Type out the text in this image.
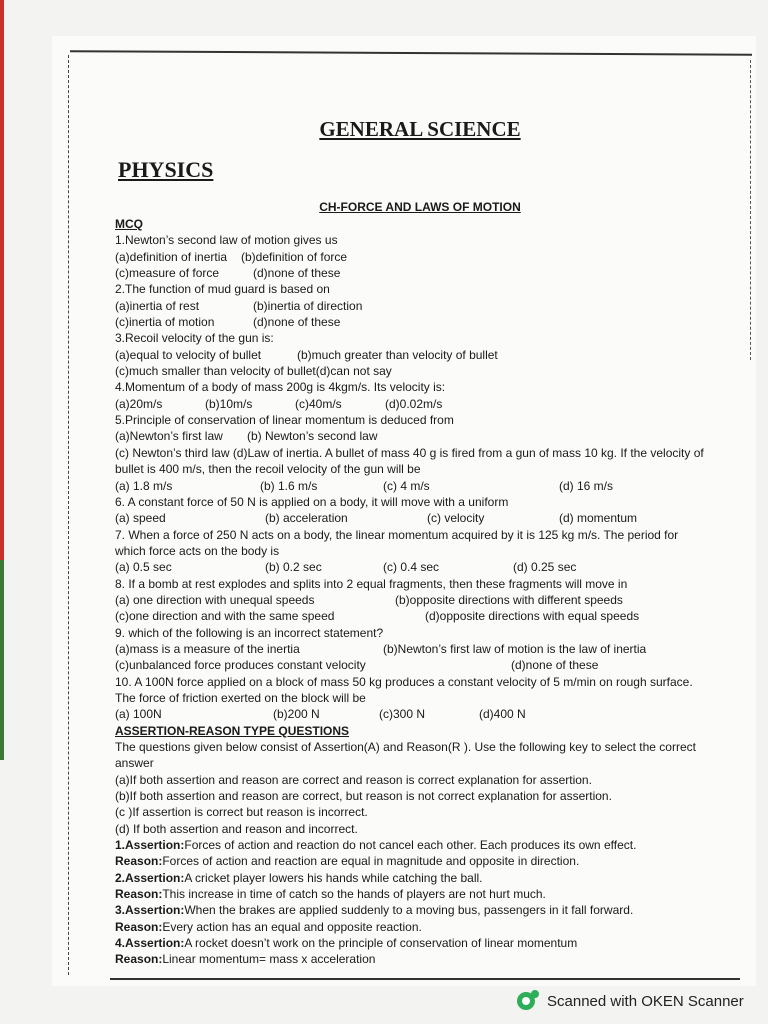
GENERAL SCIENCE
PHYSICS
CH-FORCE AND LAWS OF MOTION
MCQ
1.Newton’s second law of motion gives us
(a)definition of inertia (b)definition of force
(c)measure of force	(d)none of these
2.The function of mud guard is based on
(a)inertia of rest	(b)inertia of direction
(c)inertia of motion	(d)none of these
3.Recoil velocity of the gun is:
(a)equal to velocity of bullet	(b)much greater than velocity of bullet
(c)much smaller than velocity of bullet(d)can not say
4.Momentum of a body of mass 200g is 4kgm/s. Its velocity is:
(a)20m/s	(b)10m/s	(c)40m/s	(d)0.02m/s
5.Principle of conservation of linear momentum is deduced from
(a)Newton’s first law (b) Newton’s second law
(c) Newton’s third law (d)Law of inertia. A bullet of mass 40 g is fired from a gun of mass 10 kg. If the velocity of bullet is 400 m/s, then the recoil velocity of the gun will be
(a) 1.8 m/s	(b) 1.6 m/s	(c) 4 m/s	(d) 16 m/s
6. A constant force of 50 N is applied on a body, it will move with a uniform
(a) speed	(b) acceleration	(c) velocity	(d) momentum
7. When a force of 250 N acts on a body, the linear momentum acquired by it is 125 kg m/s. The period for which force acts on the body is
(a) 0.5 sec	(b) 0.2 sec	(c) 0.4 sec	(d) 0.25 sec
8. If a bomb at rest explodes and splits into 2 equal fragments, then these fragments will move in
(a) one direction with unequal speeds	(b)opposite directions with different speeds
(c)one direction and with the same speed	(d)opposite directions with equal speeds
9. which of the following is an incorrect statement?
(a)mass is a measure of the inertia	(b)Newton’s first law of motion is the law of inertia
(c)unbalanced force produces constant velocity	(d)none of these
10. A 100N force applied on a block of mass 50 kg produces a constant velocity of 5 m/min on rough surface. The force of friction exerted on the block will be
(a) 100N	(b)200 N	(c)300 N	(d)400 N
ASSERTION-REASON TYPE QUESTIONS
The questions given below consist of Assertion(A) and Reason(R ). Use the following key to select the correct answer
(a)If both assertion and reason are correct and reason is correct explanation for assertion.
(b)If both assertion and reason are correct, but reason is not correct explanation for assertion.
(c )If assertion is correct but reason is incorrect.
(d) If both assertion and reason and incorrect.
1.Assertion:Forces of action and reaction do not cancel each other. Each produces its own effect.
Reason:Forces of action and reaction are equal in magnitude and opposite in direction.
2.Assertion:A cricket player lowers his hands while catching the ball.
Reason:This increase in time of catch so the hands of players are not hurt much.
3.Assertion:When the brakes are applied suddenly to a moving bus, passengers in it fall forward.
Reason:Every action has an equal and opposite reaction.
4.Assertion:A rocket doesn’t work on the principle of conservation of linear momentum
Reason:Linear momentum= mass x acceleration
Scanned with OKEN Scanner
